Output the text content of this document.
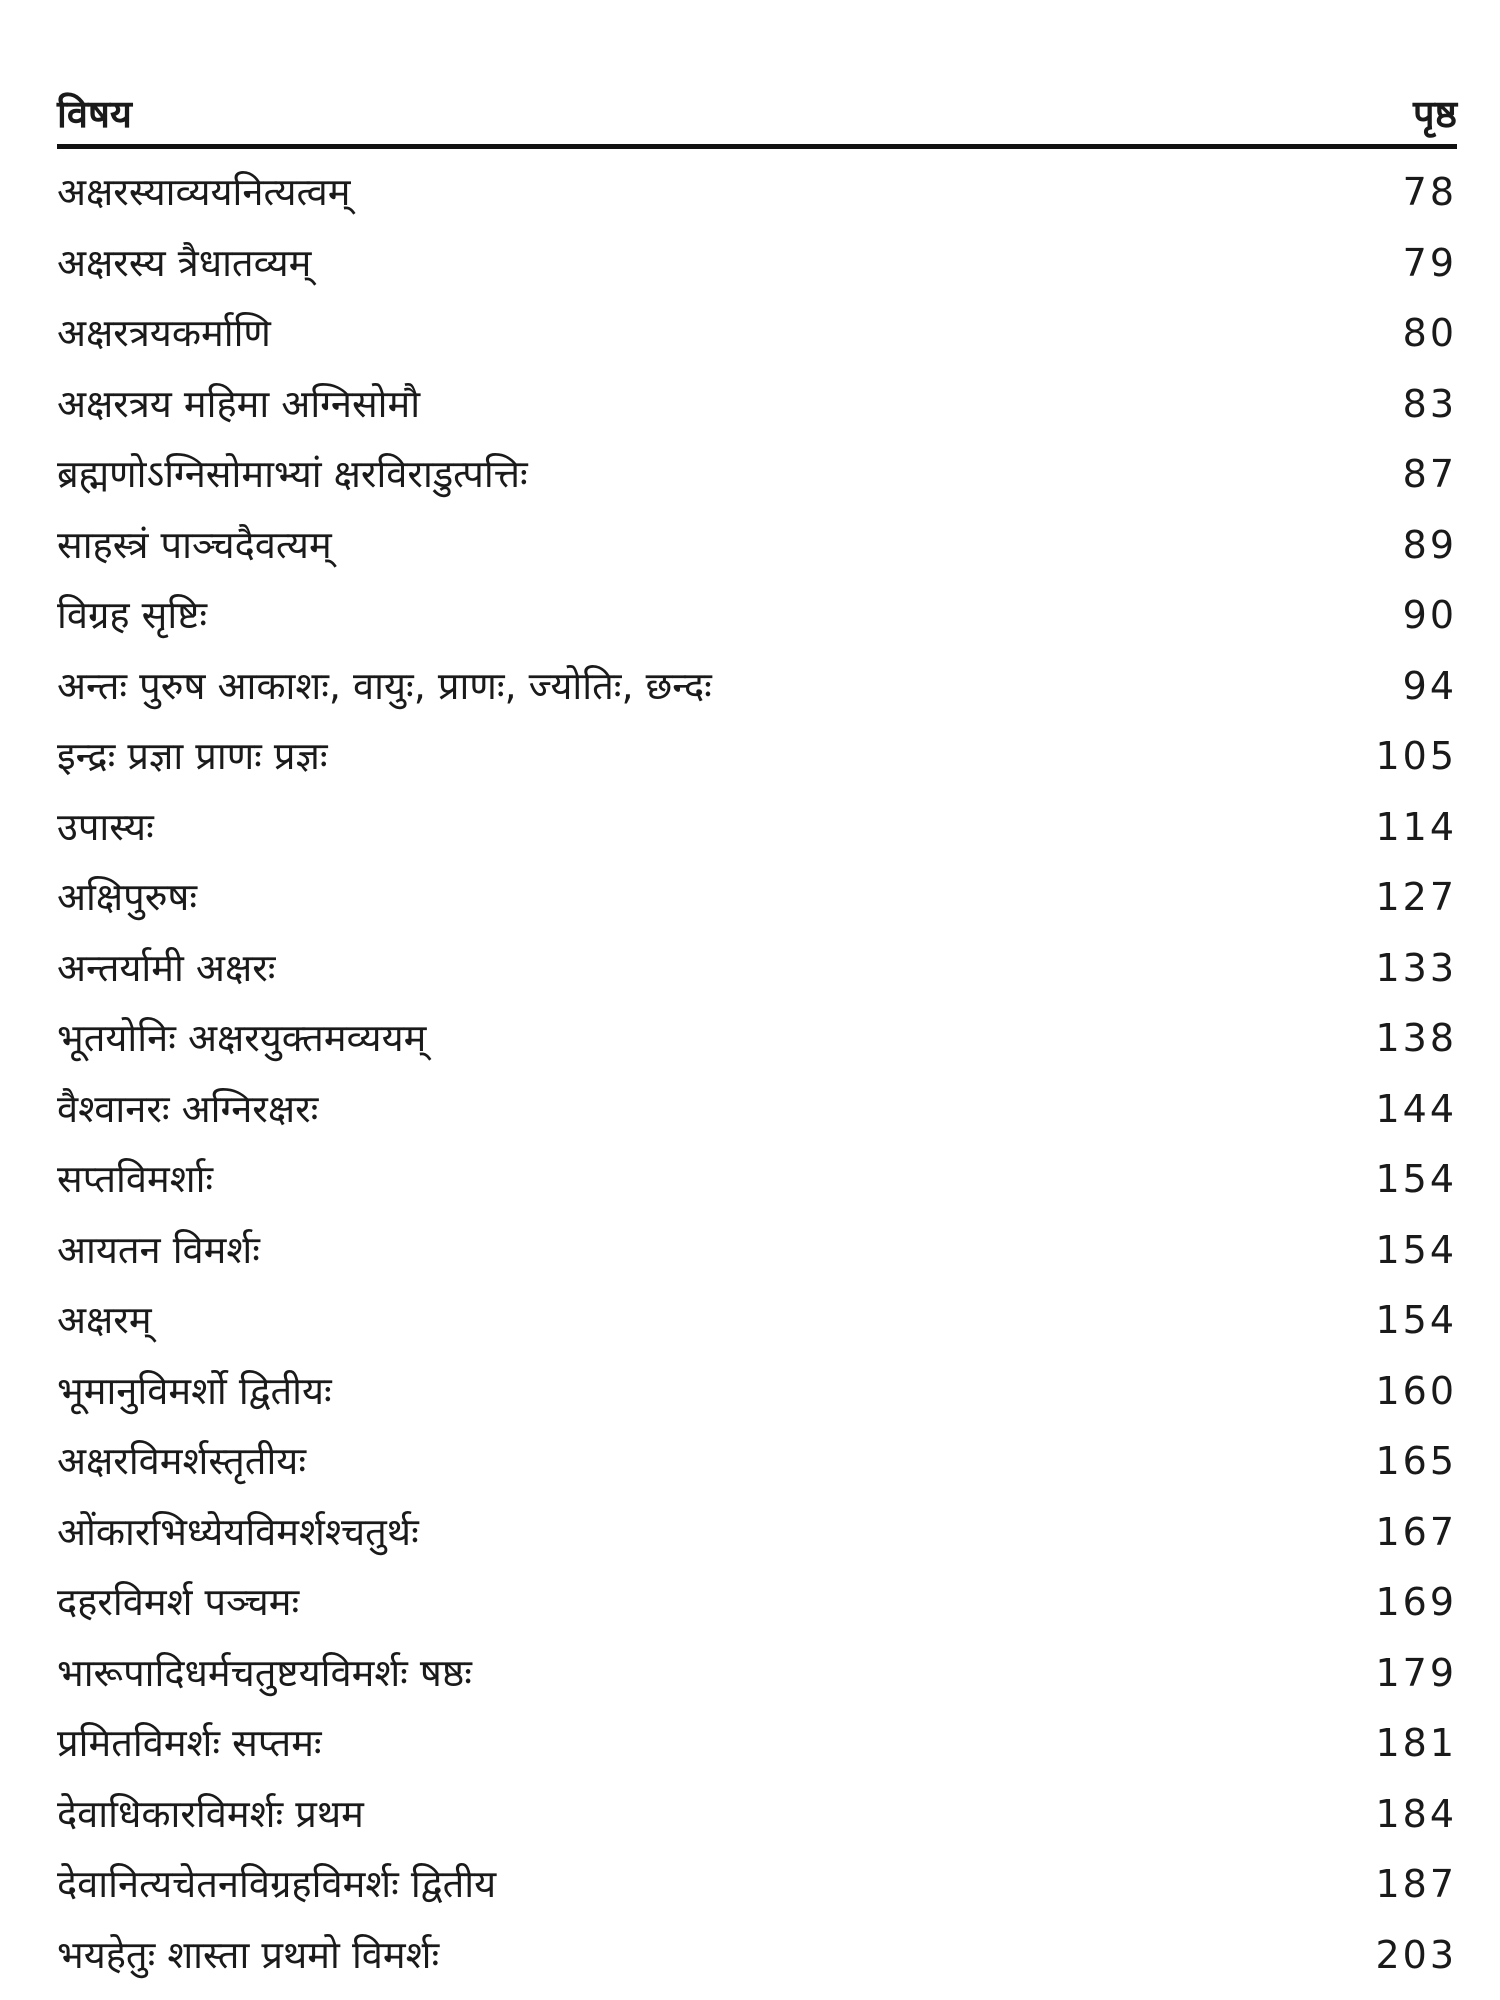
विषय	पृष्ठ
अक्षरस्याव्ययनित्यत्वम्	78
अक्षरस्य त्रैधातव्यम्	79
अक्षरत्रयकर्माणि	80
अक्षरत्रय महिमा अग्निसोमौ	83
ब्रह्मणोऽग्निसोमाभ्यां क्षरविराडुत्पत्तिः	87
साहस्त्रं पाञ्चदैवत्यम्	89
विग्रह सृष्टिः	90
अन्तः पुरुष आकाशः, वायुः, प्राणः, ज्योतिः, छन्दः	94
इन्द्रः प्रज्ञा प्राणः प्रज्ञः	105
उपास्यः	114
अक्षिपुरुषः	127
अन्तर्यामी अक्षरः	133
भूतयोनिः अक्षरयुक्तमव्ययम्	138
वैश्वानरः अग्निरक्षरः	144
सप्तविमर्शाः	154
आयतन विमर्शः	154
अक्षरम्	154
भूमानुविमर्शो द्वितीयः	160
अक्षरविमर्शस्तृतीयः	165
ओंकारभिध्येयविमर्शश्चतुर्थः	167
दहरविमर्श पञ्चमः	169
भारूपादिधर्मचतुष्टयविमर्शः षष्ठः	179
प्रमितविमर्शः सप्तमः	181
देवाधिकारविमर्शः प्रथम	184
देवानित्यचेतनविग्रहविमर्शः द्वितीय	187
भयहेतुः शास्ता प्रथमो विमर्शः	203
